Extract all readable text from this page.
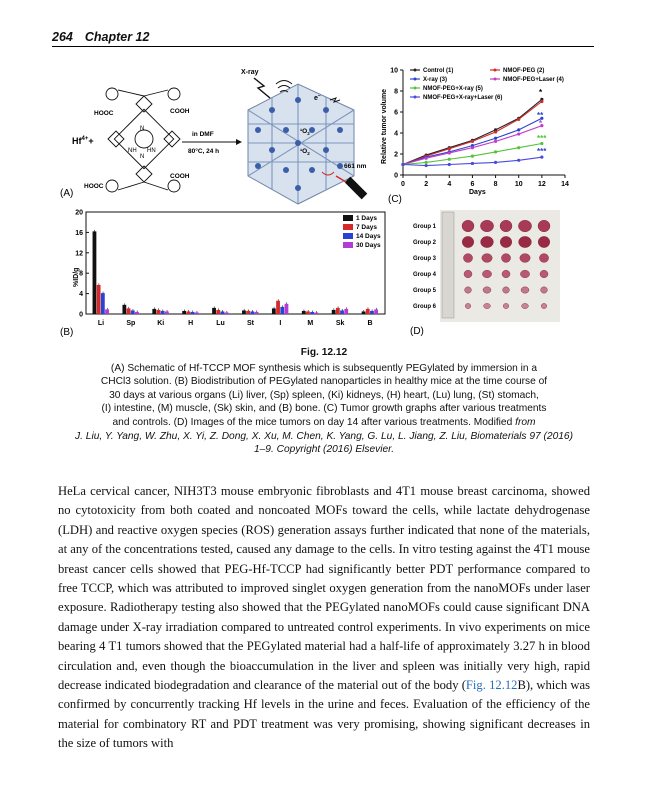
264 Chapter 12
(A)
HOOC	COOH
HOOC
COOH
NH HN
N
N
$Hf^{4+}+$
in DMF
80°C, 24 h
X-ray
e−
$^1O_2$
$^1O_2$
661 nm
0
2
4
6
8
10
0	2	4	6	8 10 12 14
Control (1)	NMOF-PEG (2)
X-ray (3)	NMOF-PEG+Laser (4)
NMOF-PEG+X-ray (5)
NMOF-PEG+X-ray+Laser (6)
Relative tumor volume
Days
*
**
*
***
***
(C)
0
4
8
12
16
20
Li	Sp	Ki	H	Lu	St	I	M	Sk	B
1 Days
7 Days
14 Days
30 Days
%ID/g
(B)
Group 1
Group 2
Group 3
Group 4
Group 5
Group 6
(D)
Fig. 12.12
(A) Schematic of Hf-TCCP MOF synthesis which is subsequently PEGylated by immersion in a
CHCl3 solution. (B) Biodistribution of PEGylated nanoparticles in healthy mice at the time course of
30 days at various organs (Li) liver, (Sp) spleen, (Ki) kidneys, (H) heart, (Lu) lung, (St) stomach,
(I) intestine, (M) muscle, (Sk) skin, and (B) bone. (C) Tumor growth graphs after various treatments
and controls. (D) Images of the mice tumors on day 14 after various treatments. Modified from
J. Liu, Y. Yang, W. Zhu, X. Yi, Z. Dong, X. Xu, M. Chen, K. Yang, G. Lu, L. Jiang, Z. Liu, Biomaterials 97 (2016)
1–9. Copyright (2016) Elsevier.
HeLa cervical cancer, NIH3T3 mouse embryonic fibroblasts and 4T1 mouse breast carcinoma, showed no cytotoxicity from both coated and noncoated MOFs toward the cells, while lactate dehydrogenase (LDH) and reactive oxygen species (ROS) generation assays further indicated that none of the materials, at any of the concentrations tested, caused any damage to the cells. In vitro testing against the 4T1 mouse breast cancer cells showed that PEG-Hf-TCCP had significantly better PDT performance compared to free TCCP, which was attributed to improved singlet oxygen generation from the nanoMOFs under laser exposure. Radiotherapy testing also showed that the PEGylated nanoMOFs could cause significant DNA damage under X-ray irradiation compared to untreated control experiments. In vivo experiments on mice bearing 4 T1 tumors showed that the PEGylated material had a half-life of approximately 3.27 h in blood circulation and, even though the bioaccumulation in the liver and spleen was initially very high, rapid decrease indicated biodegradation and clearance of the material out of the body (Fig. 12.12B), which was confirmed by concurrently tracking Hf levels in the urine and feces. Evaluation of the efficiency of the material for combinatory RT and PDT treatment was very promising, showing significant decreases in the size of tumors with
